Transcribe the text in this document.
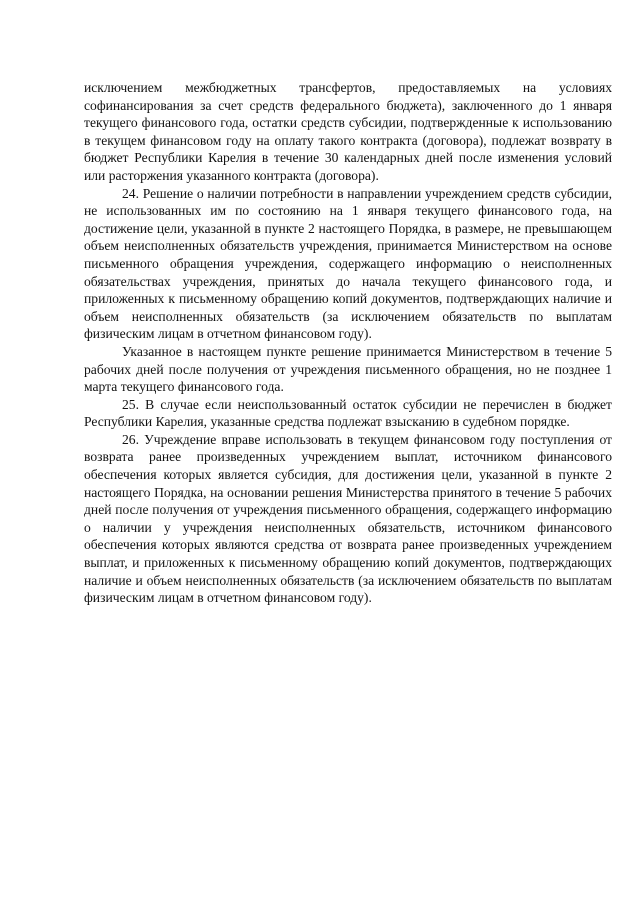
исключением межбюджетных трансфертов, предоставляемых на условиях софинансирования за счет средств федерального бюджета), заключенного до 1 января текущего финансового года, остатки средств субсидии, подтвержденные к использованию в текущем финансовом году на оплату такого контракта (договора), подлежат возврату в бюджет Республики Карелия в течение 30 календарных дней после изменения условий или расторжения указанного контракта (договора).

24. Решение о наличии потребности в направлении учреждением средств субсидии, не использованных им по состоянию на 1 января текущего финансового года, на достижение цели, указанной в пункте 2 настоящего Порядка, в размере, не превышающем объем неисполненных обязательств учреждения, принимается Министерством на основе письменного обращения учреждения, содержащего информацию о неисполненных обязательствах учреждения, принятых до начала текущего финансового года, и приложенных к письменному обращению копий документов, подтверждающих наличие и объем неисполненных обязательств (за исключением обязательств по выплатам физическим лицам в отчетном финансовом году).

Указанное в настоящем пункте решение принимается Министерством в течение 5 рабочих дней после получения от учреждения письменного обращения, но не позднее 1 марта текущего финансового года.

25. В случае если неиспользованный остаток субсидии не перечислен в бюджет Республики Карелия, указанные средства подлежат взысканию в судебном порядке.

26. Учреждение вправе использовать в текущем финансовом году поступления от возврата ранее произведенных учреждением выплат, источником финансового обеспечения которых является субсидия, для достижения цели, указанной в пункте 2 настоящего Порядка, на основании решения Министерства принятого в течение 5 рабочих дней после получения от учреждения письменного обращения, содержащего информацию о наличии у учреждения неисполненных обязательств, источником финансового обеспечения которых являются средства от возврата ранее произведенных учреждением выплат, и приложенных к письменному обращению копий документов, подтверждающих наличие и объем неисполненных обязательств (за исключением обязательств по выплатам физическим лицам в отчетном финансовом году).
